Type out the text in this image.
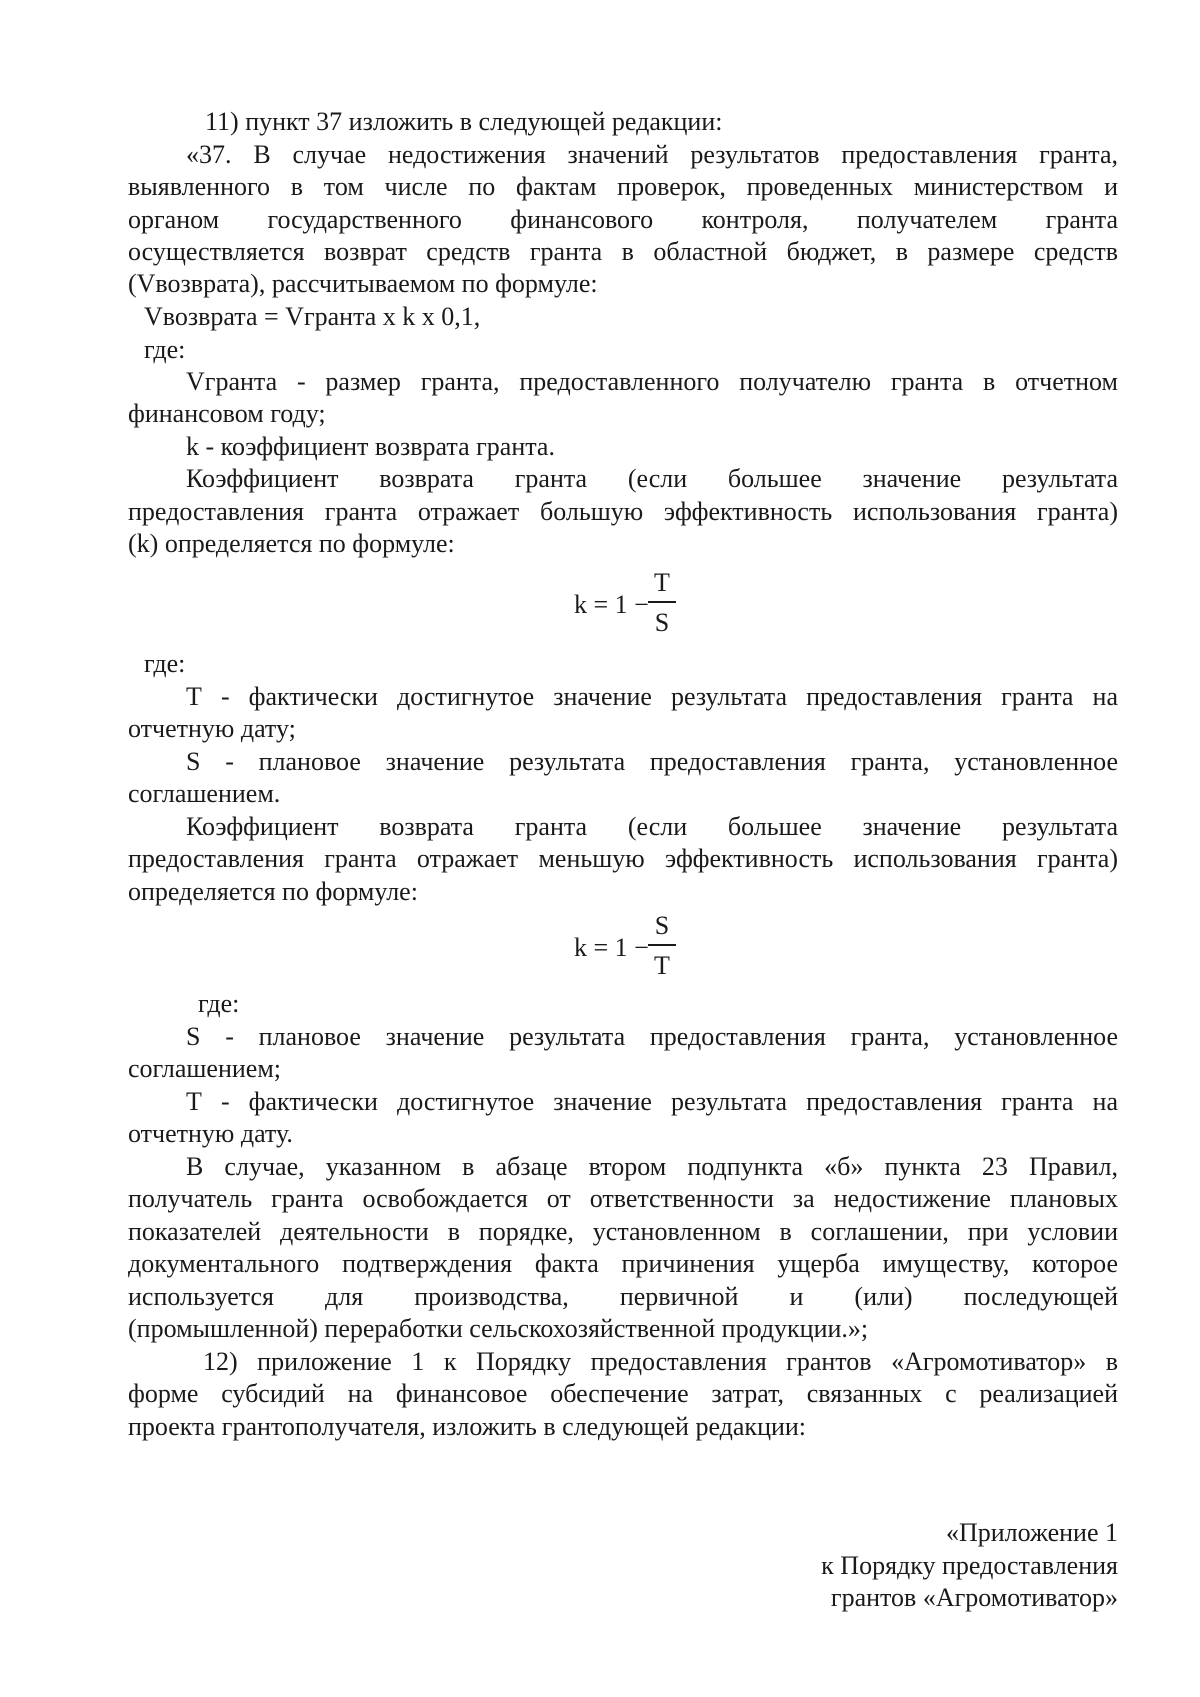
11) пункт 37 изложить в следующей редакции:
«37. В случае недостижения значений результатов предоставления гранта,
выявленного в том числе по фактам проверок, проведенных министерством и
органом государственного финансового контроля, получателем гранта
осуществляется возврат средств гранта в областной бюджет, в размере средств
(Vвозврата), рассчитываемом по формуле:
Vвозврата = Vгранта х k х 0,1,
где:
Vгранта - размер гранта, предоставленного получателю гранта в отчетном
финансовом году;
k - коэффициент возврата гранта.
Коэффициент возврата гранта (если большее значение результата
предоставления гранта отражает большую эффективность использования гранта)
(k) определяется по формуле:
k = 1 −
Т
S
где:
Т - фактически достигнутое значение результата предоставления гранта на
отчетную дату;
S - плановое значение результата предоставления гранта, установленное
соглашением.
Коэффициент возврата гранта (если большее значение результата
предоставления гранта отражает меньшую эффективность использования гранта)
определяется по формуле:
k = 1 −
S
Т
где:
S - плановое значение результата предоставления гранта, установленное
соглашением;
Т - фактически достигнутое значение результата предоставления гранта на
отчетную дату.
В случае, указанном в абзаце втором подпункта «б» пункта 23 Правил,
получатель гранта освобождается от ответственности за недостижение плановых
показателей деятельности в порядке, установленном в соглашении, при условии
документального подтверждения факта причинения ущерба имуществу, которое
используется для производства, первичной и (или) последующей
(промышленной) переработки сельскохозяйственной продукции.»;
12) приложение 1 к Порядку предоставления грантов «Агромотиватор» в
форме субсидий на финансовое обеспечение затрат, связанных с реализацией
проекта грантополучателя, изложить в следующей редакции:
«Приложение 1
к Порядку предоставления
грантов «Агромотиватор»
